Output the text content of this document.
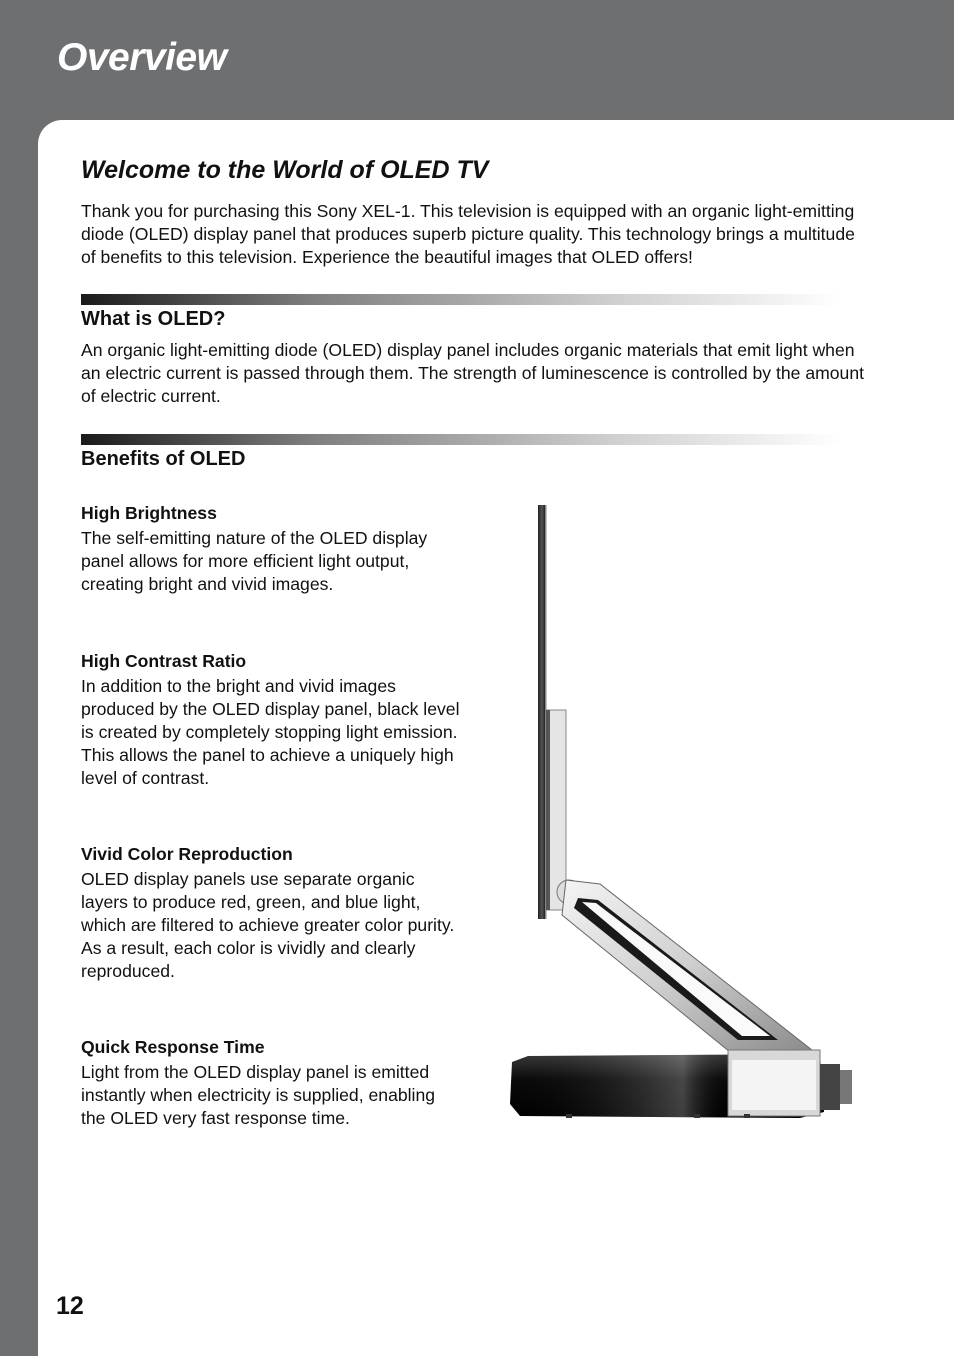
Overview
Welcome to the World of OLED TV
Thank you for purchasing this Sony XEL-1. This television is equipped with an organic light-emitting diode (OLED) display panel that produces superb picture quality. This technology brings a multitude of benefits to this television. Experience the beautiful images that OLED offers!
What is OLED?
An organic light-emitting diode (OLED) display panel includes organic materials that emit light when an electric current is passed through them. The strength of luminescence is controlled by the amount of electric current.
Benefits of OLED
High Brightness
The self-emitting nature of the OLED display panel allows for more efficient light output, creating bright and vivid images.
High Contrast Ratio
In addition to the bright and vivid images produced by the OLED display panel, black level is created by completely stopping light emission. This allows the panel to achieve a uniquely high level of contrast.
Vivid Color Reproduction
OLED display panels use separate organic layers to produce red, green, and blue light, which are filtered to achieve greater color purity. As a result, each color is vividly and clearly reproduced.
Quick Response Time
Light from the OLED display panel is emitted instantly when electricity is supplied, enabling the OLED very fast response time.
12
